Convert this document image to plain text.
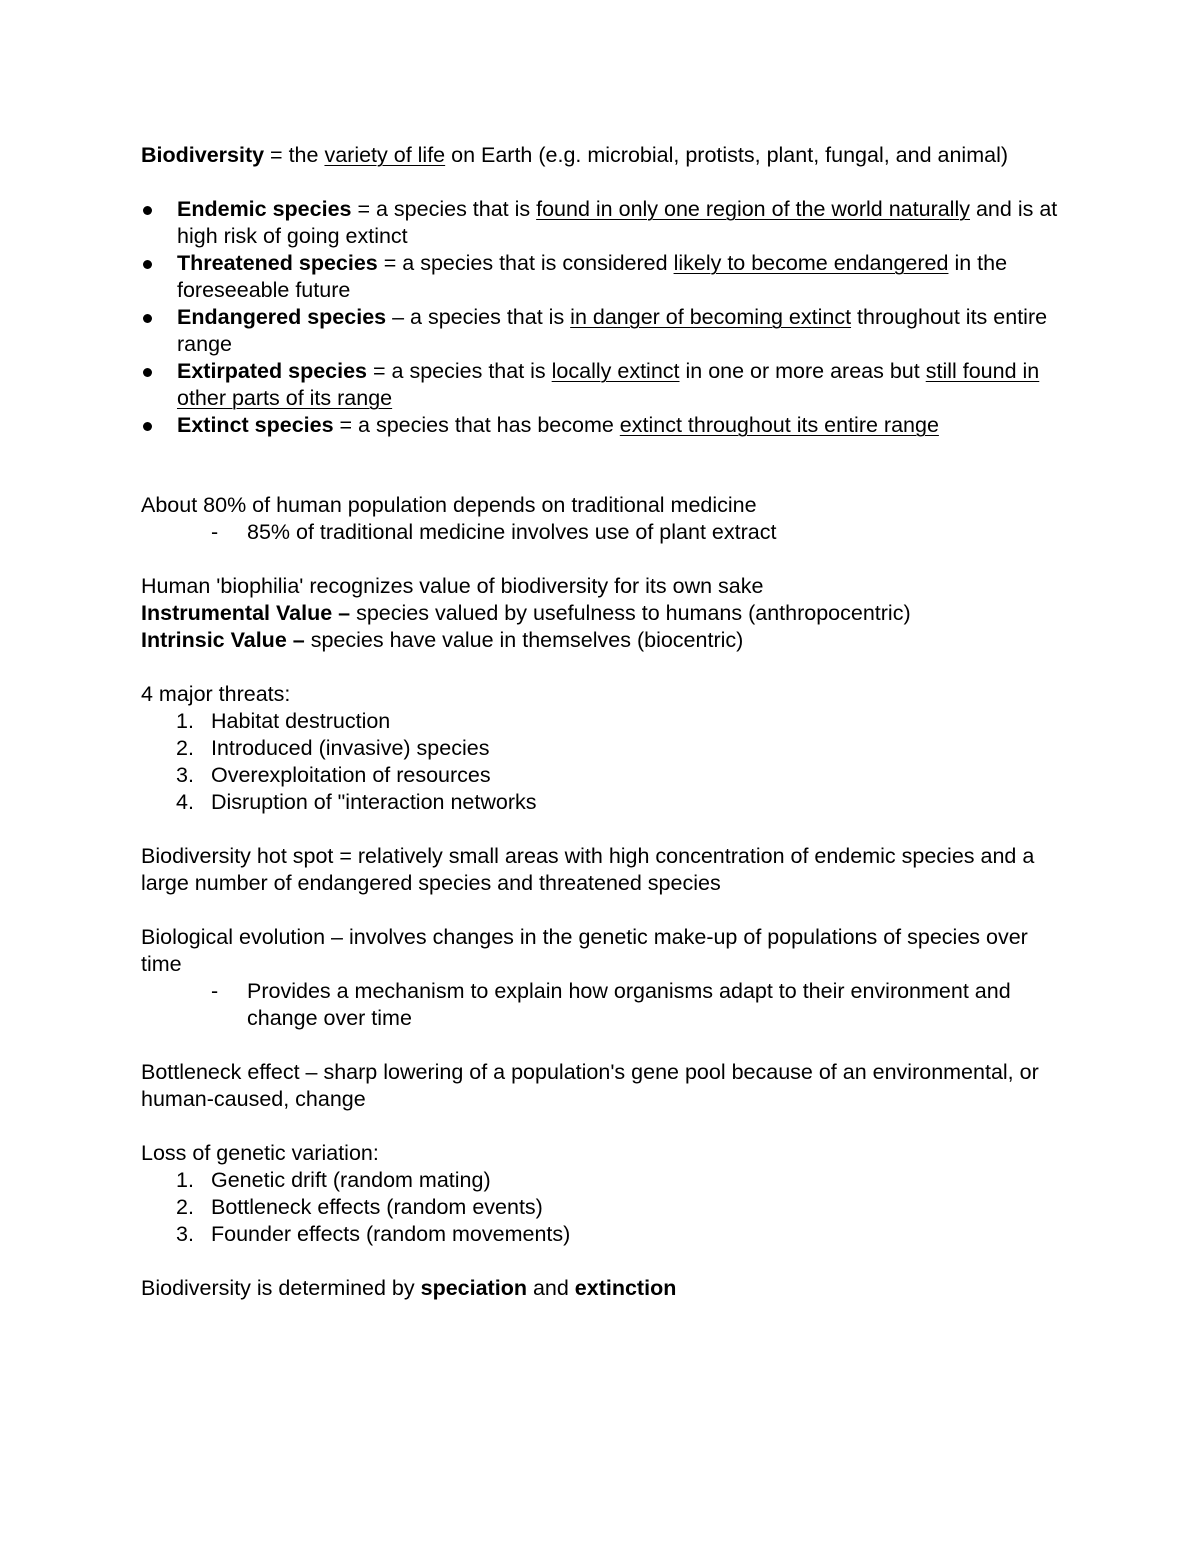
Biodiversity = the variety of life on Earth (e.g. microbial, protists, plant, fungal, and animal)

Endemic species = a species that is found in only one region of the world naturally and is at high risk of going extinct
Threatened species = a species that is considered likely to become endangered in the foreseeable future
Endangered species – a species that is in danger of becoming extinct throughout its entire range
Extirpated species = a species that is locally extinct in one or more areas but still found in other parts of its range
Extinct species = a species that has become extinct throughout its entire range

About 80% of human population depends on traditional medicine

- 85% of traditional medicine involves use of plant extract

Human 'biophilia' recognizes value of biodiversity for its own sake

Instrumental Value – species valued by usefulness to humans (anthropocentric)

Intrinsic Value – species have value in themselves (biocentric)

4 major threats:

1. Habitat destruction
2. Introduced (invasive) species
3. Overexploitation of resources
4. Disruption of "interaction networks

Biodiversity hot spot = relatively small areas with high concentration of endemic species and a large number of endangered species and threatened species

Biological evolution – involves changes in the genetic make-up of populations of species over time

- Provides a mechanism to explain how organisms adapt to their environment and change over time

Bottleneck effect – sharp lowering of a population's gene pool because of an environmental, or human-caused, change

Loss of genetic variation:

1. Genetic drift (random mating)
2. Bottleneck effects (random events)
3. Founder effects (random movements)

Biodiversity is determined by speciation and extinction
